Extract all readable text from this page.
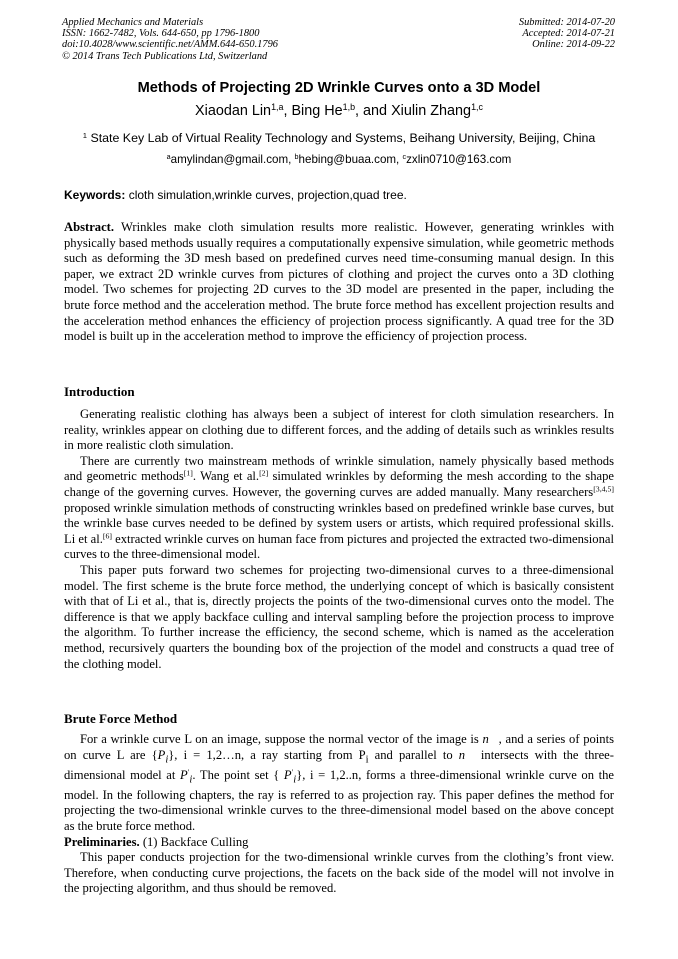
Applied Mechanics and Materials
ISSN: 1662-7482, Vols. 644-650, pp 1796-1800
doi:10.4028/www.scientific.net/AMM.644-650.1796
© 2014 Trans Tech Publications Ltd, Switzerland
Submitted: 2014-07-20
Accepted: 2014-07-21
Online: 2014-09-22
Methods of Projecting 2D Wrinkle Curves onto a 3D Model
Xiaodan Lin$^{1,a}$, Bing He$^{1,b}$, and Xiulin Zhang$^{1,c}$
$^1$ State Key Lab of Virtual Reality Technology and Systems, Beihang University, Beijing, China
$^a$amylindan@gmail.com, $^b$hebing@buaa.com, $^c$zxlin0710@163.com
Keywords: cloth simulation,wrinkle curves, projection,quad tree.

Abstract. Wrinkles make cloth simulation results more realistic. However, generating wrinkles with physically based methods usually requires a computationally expensive simulation, while geometric methods such as deforming the 3D mesh based on predefined curves need time-consuming manual design. In this paper, we extract 2D wrinkle curves from pictures of clothing and project the curves onto a 3D clothing model. Two schemes for projecting 2D curves to the 3D model are presented in the paper, including the brute force method and the acceleration method. The brute force method has excellent projection results and the acceleration method enhances the efficiency of projection process significantly. A quad tree for the 3D model is built up in the acceleration method to improve the efficiency of projection process.

Introduction

Generating realistic clothing has always been a subject of interest for cloth simulation researchers. In reality, wrinkles appear on clothing due to different forces, and the adding of details such as wrinkles results in more realistic cloth simulation.

There are currently two mainstream methods of wrinkle simulation, namely physically based methods and geometric methods[1]. Wang et al.[2] simulated wrinkles by deforming the mesh according to the shape change of the governing curves. However, the governing curves are added manually. Many researchers[3,4,5] proposed wrinkle simulation methods of constructing wrinkles based on predefined wrinkle base curves, but the wrinkle base curves needed to be defined by system users or artists, which required professional skills. Li et al.[6] extracted wrinkle curves on human face from pictures and projected the extracted two-dimensional curves to the three-dimensional model.

This paper puts forward two schemes for projecting two-dimensional curves to a three-dimensional model. The first scheme is the brute force method, the underlying concept of which is basically consistent with that of Li et al., that is, directly projects the points of the two-dimensional curves onto the model. The difference is that we apply backface culling and interval sampling before the projection process to improve the algorithm. To further increase the efficiency, the second scheme, which is named as the acceleration method, recursively quarters the bounding box of the projection of the model and constructs a quad tree of the clothing model.

Brute Force Method

For a wrinkle curve L on an image, suppose the normal vector of the image is n⃗, and a series of points on curve L are $\{P_i\}$, i = 1,2…n, a ray starting from $P_i$ and parallel to n⃗ intersects with the three-dimensional model at $P'_i$. The point set { $P'_i$}, i = 1,2..n, forms a three-dimensional wrinkle curve on the model. In the following chapters, the ray is referred to as projection ray. This paper defines the method for projecting the two-dimensional wrinkle curves to the three-dimensional model based on the above concept as the brute force method.

Preliminaries. (1) Backface Culling

This paper conducts projection for the two-dimensional wrinkle curves from the clothing’s front view. Therefore, when conducting curve projections, the facets on the back side of the model will not involve in the projecting algorithm, and thus should be removed.
